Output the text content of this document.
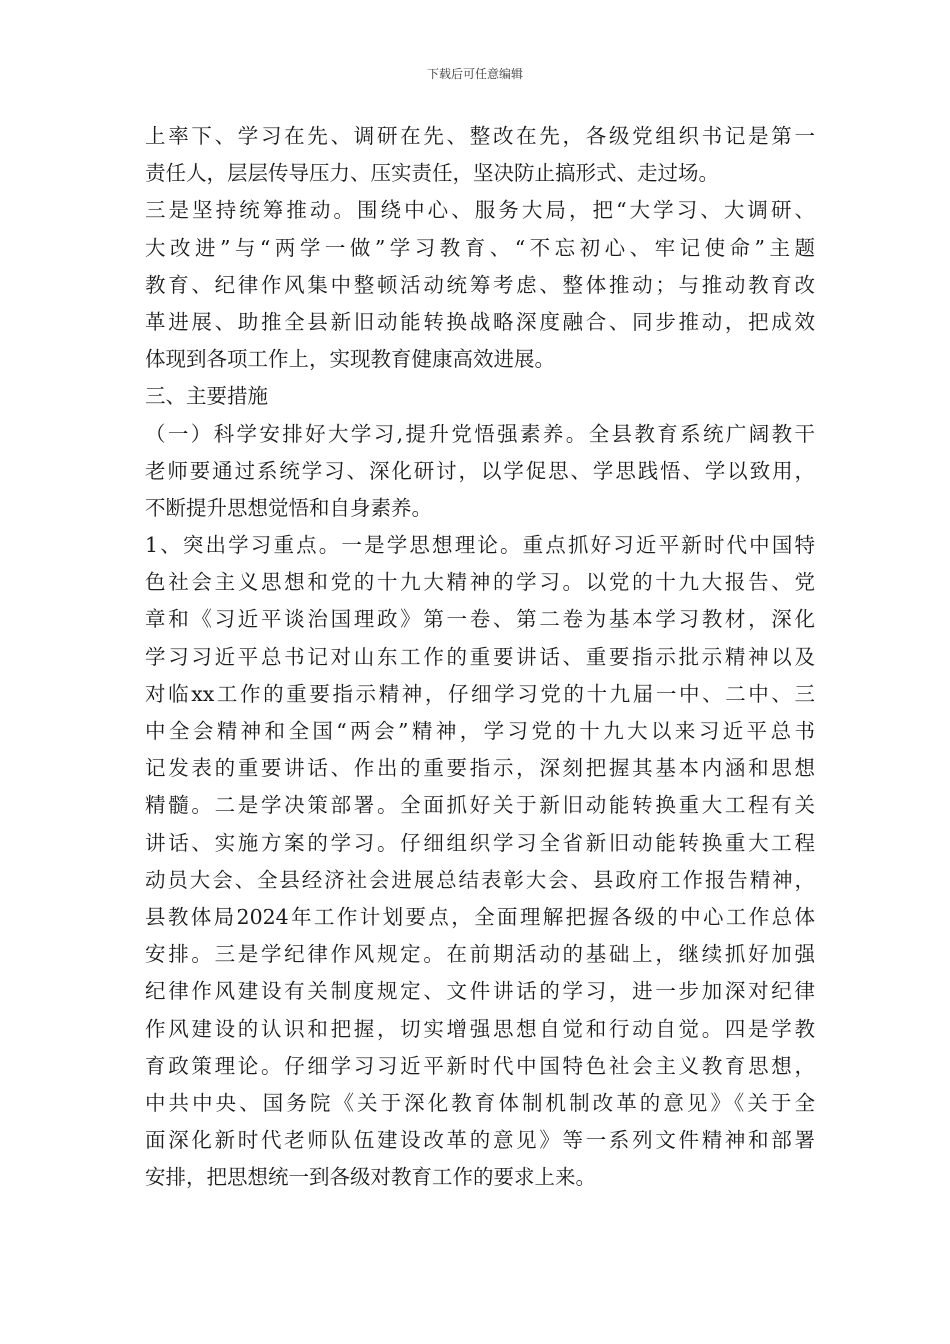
下载后可任意编辑
上率下、学习在先、调研在先、整改在先，各级党组织书记是第一
责任人，层层传导压力、压实责任，坚决防止搞形式、走过场。
三是坚持统筹推动。围绕中心、服务大局，把“大学习、大调研、
大改进”与“两学一做”学习教育、“不忘初心、牢记使命”主题
教育、纪律作风集中整顿活动统筹考虑、整体推动；与推动教育改
革进展、助推全县新旧动能转换战略深度融合、同步推动，把成效
体现到各项工作上，实现教育健康高效进展。
三、主要措施
（一）科学安排好大学习,提升党悟强素养。全县教育系统广阔教干
老师要通过系统学习、深化研讨，以学促思、学思践悟、学以致用，
不断提升思想觉悟和自身素养。
1、突出学习重点。一是学思想理论。重点抓好习近平新时代中国特
色社会主义思想和党的十九大精神的学习。以党的十九大报告、党
章和《习近平谈治国理政》第一卷、第二卷为基本学习教材，深化
学习习近平总书记对山东工作的重要讲话、重要指示批示精神以及
对临xx工作的重要指示精神，仔细学习党的十九届一中、二中、三
中全会精神和全国“两会”精神，学习党的十九大以来习近平总书
记发表的重要讲话、作出的重要指示，深刻把握其基本内涵和思想
精髓。二是学决策部署。全面抓好关于新旧动能转换重大工程有关
讲话、实施方案的学习。仔细组织学习全省新旧动能转换重大工程
动员大会、全县经济社会进展总结表彰大会、县政府工作报告精神，
县教体局2024年工作计划要点，全面理解把握各级的中心工作总体
安排。三是学纪律作风规定。在前期活动的基础上，继续抓好加强
纪律作风建设有关制度规定、文件讲话的学习，进一步加深对纪律
作风建设的认识和把握，切实增强思想自觉和行动自觉。四是学教
育政策理论。仔细学习习近平新时代中国特色社会主义教育思想，
中共中央、国务院《关于深化教育体制机制改革的意见》《关于全
面深化新时代老师队伍建设改革的意见》等一系列文件精神和部署
安排，把思想统一到各级对教育工作的要求上来。
